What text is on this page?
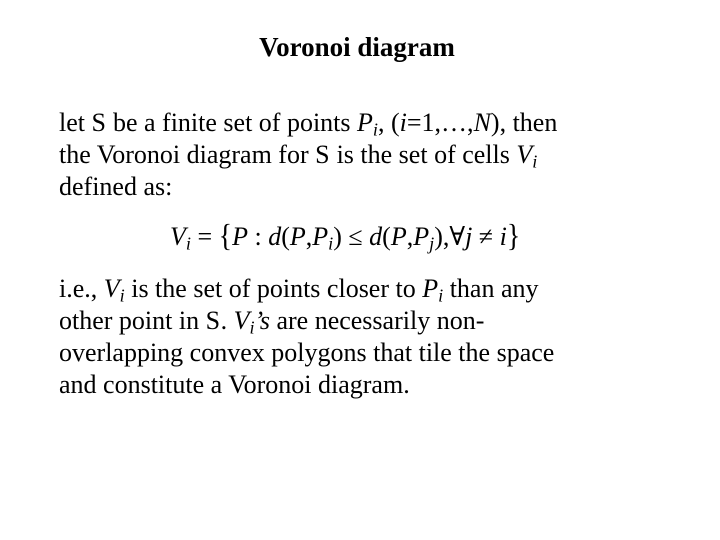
Voronoi diagram
let S be a finite set of points $P_i$, (i=1,…,N), then
the Voronoi diagram for S is the set of cells $V_i$
defined as:
$V_i = \{P$ : $d(P,P_i)$ ≤ $d(P,P_j),\forall j \ne i$}
i.e., $V_i$ is the set of points closer to $P_i$ than any
other point in S. $V_i’s$ are necessarily non-
overlapping convex polygons that tile the space
and constitute a Voronoi diagram.
